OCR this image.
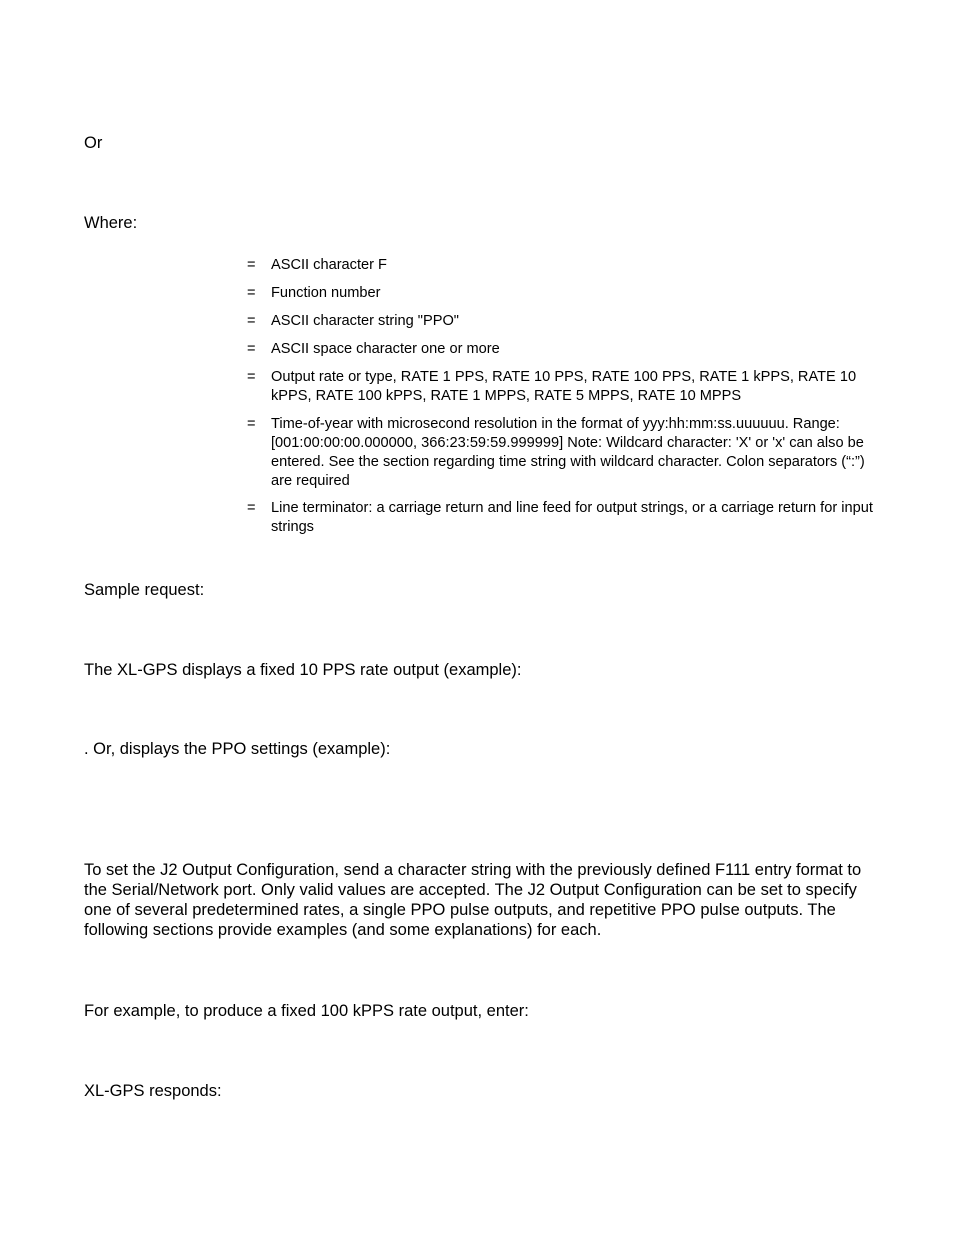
Or

Where:

= ASCII character F
= Function number
= ASCII character string "PPO"
= ASCII space character one or more
= Output rate or type, RATE 1 PPS, RATE 10 PPS, RATE 100 PPS, RATE 1 kPPS, RATE 10 kPPS, RATE 100 kPPS, RATE 1 MPPS, RATE 5 MPPS, RATE 10 MPPS
= Time-of-year with microsecond resolution in the format of yyy:hh:mm:ss.uuuuuu. Range: [001:00:00:00.000000, 366:23:59:59.999999] Note: Wildcard character: 'X' or 'x' can also be entered. See the section regarding time string with wildcard character. Colon separators (“:”) are required
= Line terminator: a carriage return and line feed for output strings, or a carriage return for input strings

Sample request:

The XL-GPS displays a fixed 10 PPS rate output (example):

. Or, displays the PPO settings (example):

To set the J2 Output Configuration, send a character string with the previously defined F111 entry format to the Serial/Network port. Only valid values are accepted. The J2 Output Configuration can be set to specify one of several predetermined rates, a single PPO pulse outputs, and repetitive PPO pulse outputs. The following sections provide examples (and some explanations) for each.

For example, to produce a fixed 100 kPPS rate output, enter:

XL-GPS responds:
